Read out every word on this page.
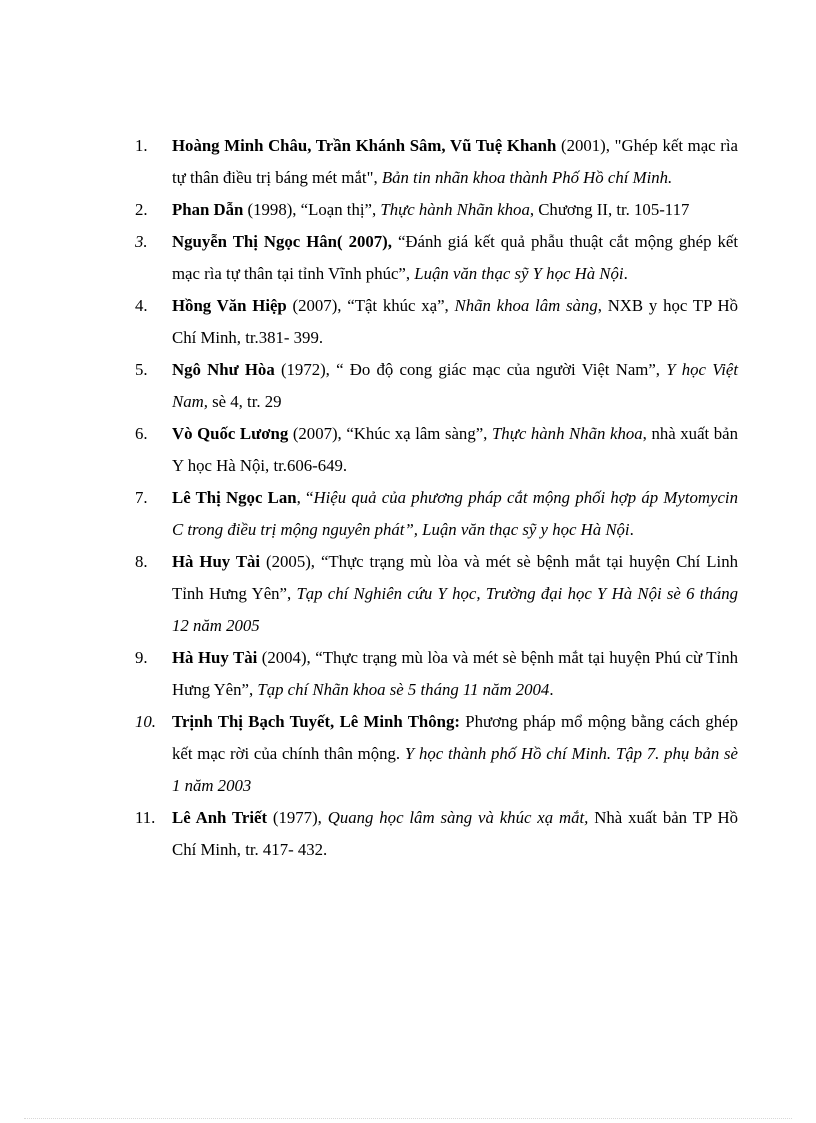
1. Hoàng Minh Châu, Trần Khánh Sâm, Vũ Tuệ Khanh (2001), "Ghép kết mạc rìa tự thân điều trị báng mét mắt", Bản tin nhãn khoa thành Phố Hồ chí Minh.
2. Phan Dẫn (1998), “Loạn thị”, Thực hành Nhãn khoa, Chương II, tr. 105-117
3. Nguyễn Thị Ngọc Hân( 2007), “Đánh giá kết quả phẫu thuật cắt mộng ghép kết mạc rìa tự thân tại tỉnh Vĩnh phúc”, Luận văn thạc sỹ Y học Hà Nội.
4. Hồng Văn Hiệp (2007), “Tật khúc xạ”, Nhãn khoa lâm sàng, NXB y học TP Hồ Chí Minh, tr.381- 399.
5. Ngô Như Hòa (1972), “ Đo độ cong giác mạc của người Việt Nam”, Y học Việt Nam, sè 4, tr. 29
6. Vò Quốc Lương (2007), “Khúc xạ lâm sàng”, Thực hành Nhãn khoa, nhà xuất bản Y học Hà Nội, tr.606-649.
7. Lê Thị Ngọc Lan, “Hiệu quả của phương pháp cắt mộng phối hợp áp Mytomycin C trong điều trị mộng nguyên phát”, Luận văn thạc sỹ y học Hà Nội.
8. Hà Huy Tài (2005), “Thực trạng mù lòa và mét sè bệnh mắt tại huyện Chí Linh Tỉnh Hưng Yên”, Tạp chí Nghiên cứu Y học, Trường đại học Y Hà Nội sè 6 tháng 12 năm 2005
9. Hà Huy Tài (2004), “Thực trạng mù lòa và mét sè bệnh mắt tại huyện Phú cừ Tỉnh Hưng Yên”, Tạp chí Nhãn khoa sè 5 tháng 11 năm 2004.
10. Trịnh Thị Bạch Tuyết, Lê Minh Thông: Phương pháp mổ mộng bằng cách ghép kết mạc rời của chính thân mộng. Y học thành phố Hồ chí Minh. Tập 7. phụ bản sè 1 năm 2003
11. Lê Anh Triết (1977), Quang học lâm sàng và khúc xạ mắt, Nhà xuất bản TP Hồ Chí Minh, tr. 417- 432.
